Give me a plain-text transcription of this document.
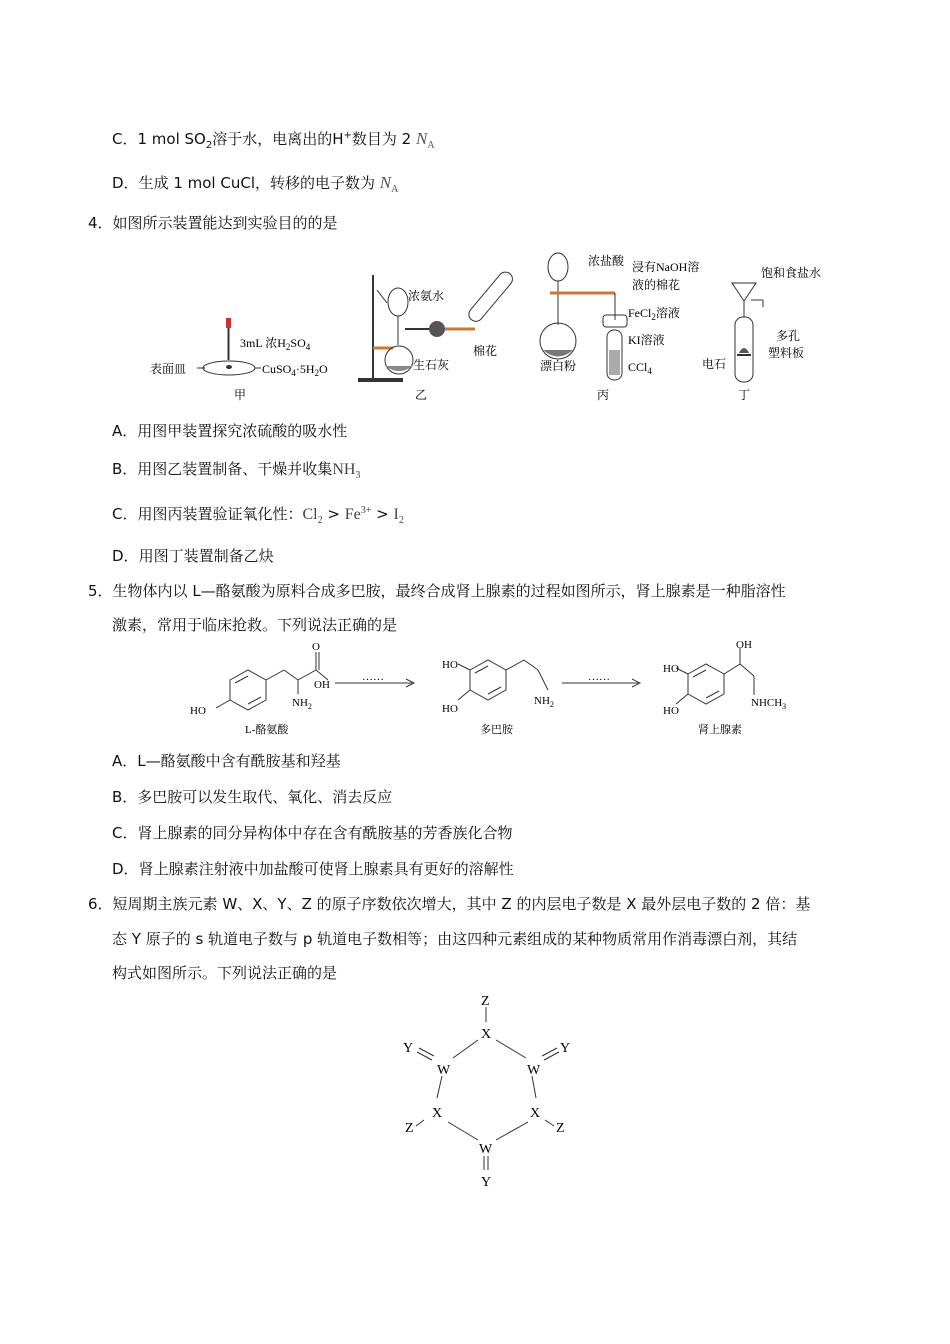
C．1 mol $SO_2$溶于水，电离出的H+数目为 2 $N_A$
D．生成 1 mol CuCl，转移的电子数为 $N_A$
4．如图所示装置能达到实验目的的是
3mL 浓$H_2SO_4$
表面皿	$CuSO_4\cdot 5H_2O$
甲
浓氨水
生石灰
棉花
乙
浓盐酸 浸有NaOH溶
液的棉花
FeCl$_2$溶液
KI溶液
漂白粉	CCl$_4$
丙
饱和食盐水
多孔
塑料板
电石
丁
A．用图甲装置探究浓硫酸的吸水性
B．用图乙装置制备、干燥并收集$NH_3$
C．用图丙装置验证氧化性：$Cl_2 > Fe^{3+} > I_2$
D．用图丁装置制备乙炔
5．生物体内以 L—酪氨酸为原料合成多巴胺，最终合成肾上腺素的过程如图所示，肾上腺素是一种脂溶性
激素，常用于临床抢救。下列说法正确的是
O
OH
$NH_2$
HO
L-酪氨酸
……
HO
HO
$NH_2$
多巴胺
……
OH
HO
HO
$NHCH_3$
肾上腺素
A．L—酪氨酸中含有酰胺基和羟基
B．多巴胺可以发生取代、氧化、消去反应
C．肾上腺素的同分异构体中存在含有酰胺基的芳香族化合物
D．肾上腺素注射液中加盐酸可使肾上腺素具有更好的溶解性
6．短周期主族元素 W、X、Y、Z 的原子序数依次增大，其中 Z 的内层电子数是 X 最外层电子数的 2 倍：基
态 Y 原子的 s 轨道电子数与 p 轨道电子数相等；由这四种元素组成的某种物质常用作消毒漂白剂，其结
构式如图所示。下列说法正确的是
Z
X
Y
W	W
Y
X	X
Z	Z
W
Y
